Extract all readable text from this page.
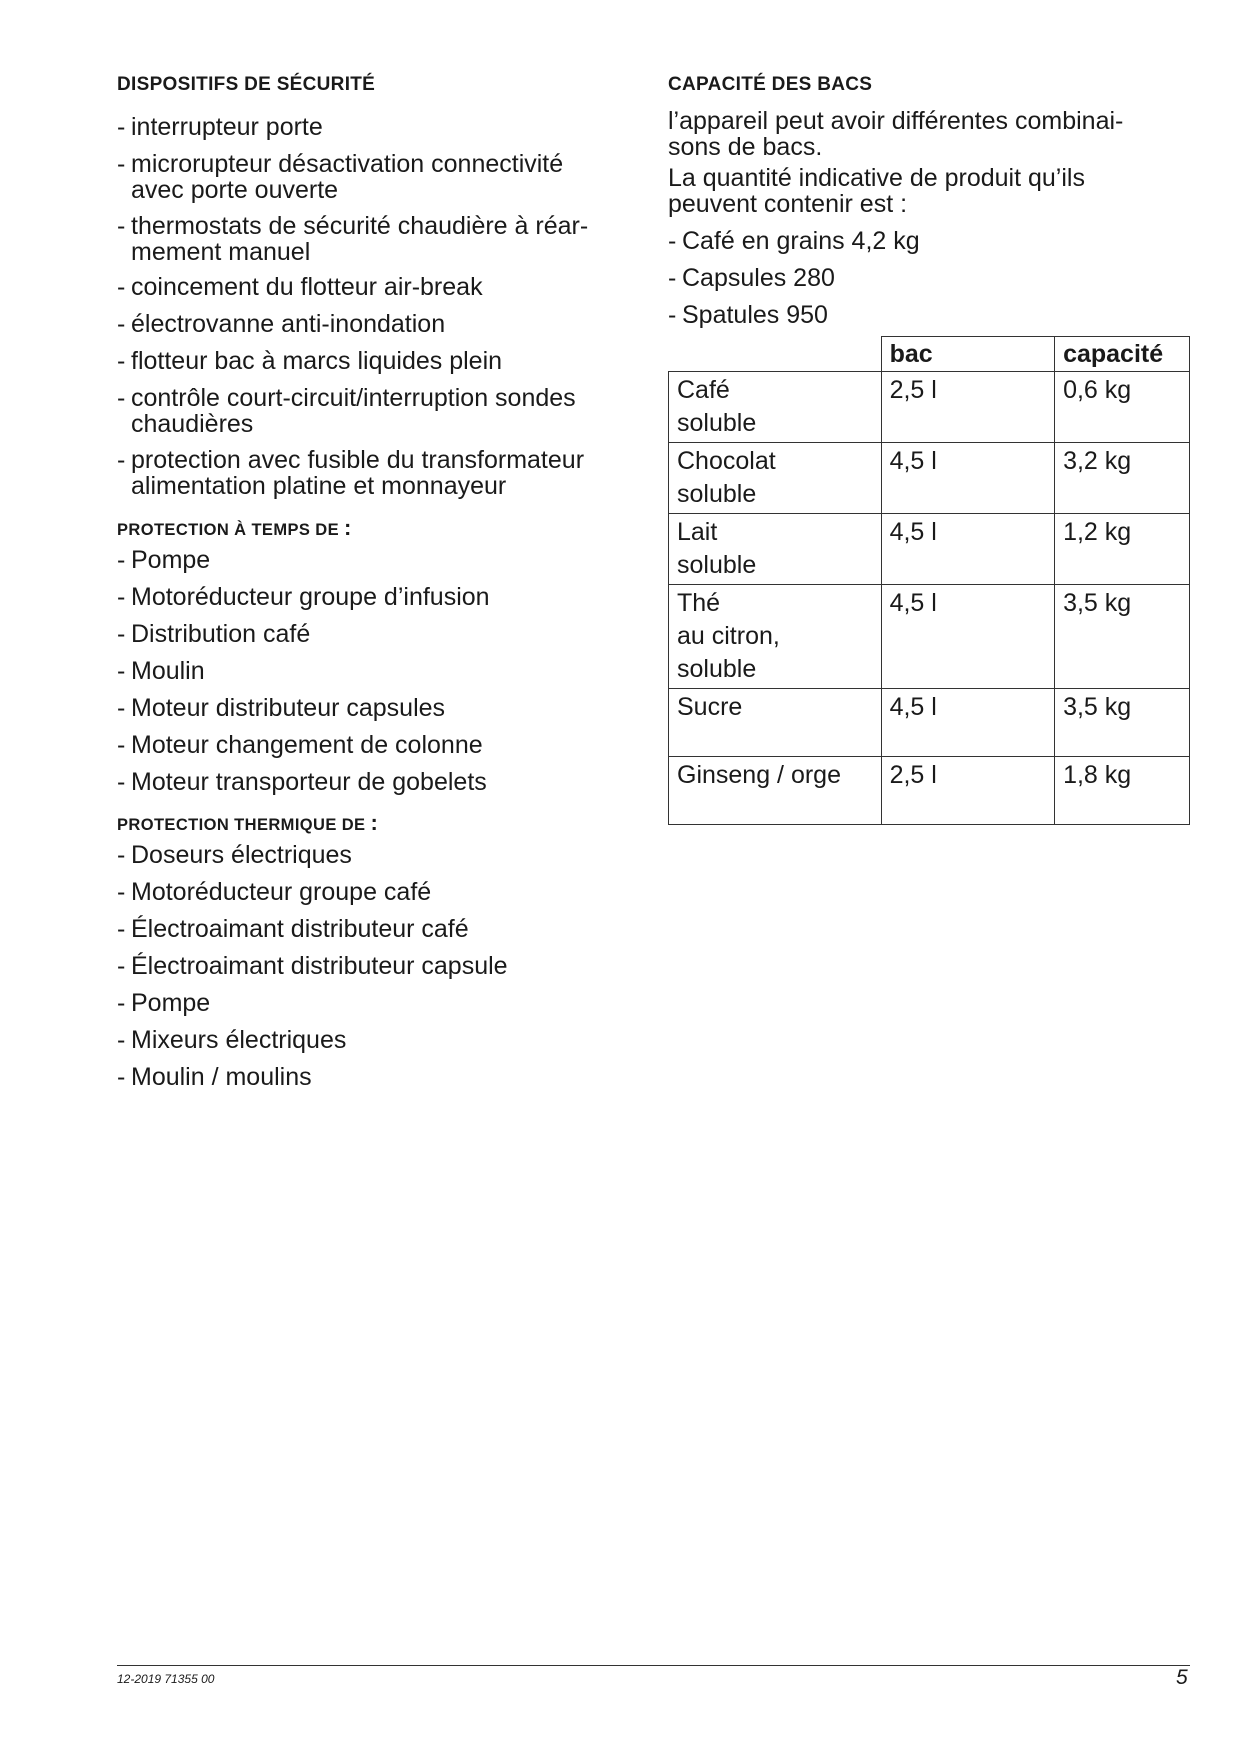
DISPOSITIFS DE SÉCURITÉ
- interrupteur porte
- microrupteur désactivation connectivité
avec porte ouverte
- thermostats de sécurité chaudière à réar-
mement manuel
- coincement du flotteur air-break
- électrovanne anti-inondation
- flotteur bac à marcs liquides plein
- contrôle court-circuit/interruption sondes
chaudières
- protection avec fusible du transformateur
alimentation platine et monnayeur
PROTECTION À TEMPS DE :
- Pompe
- Motoréducteur groupe d’infusion
- Distribution café
- Moulin
- Moteur distributeur capsules
- Moteur changement de colonne
- Moteur transporteur de gobelets
PROTECTION THERMIQUE DE :
- Doseurs électriques
- Motoréducteur groupe café
- Électroaimant distributeur café
- Électroaimant distributeur capsule
- Pompe
- Mixeurs électriques
- Moulin / moulins
CAPACITÉ DES BACS
l’appareil peut avoir différentes combinai-
sons de bacs.
La quantité indicative de produit qu’ils
peuvent contenir est :
- Café en grains 4,2 kg
- Capsules 280
- Spatules 950
	bac	capacité

Café
soluble	2,5 l	0,6 kg

Chocolat
soluble	4,5 l	3,2 kg

Lait
soluble	4,5 l	1,2 kg

Thé
au citron,
soluble	4,5 l	3,5 kg

Sucre	4,5 l	3,5 kg

Ginseng / orge	2,5 l	1,8 kg
12-2019 71355 00	5
